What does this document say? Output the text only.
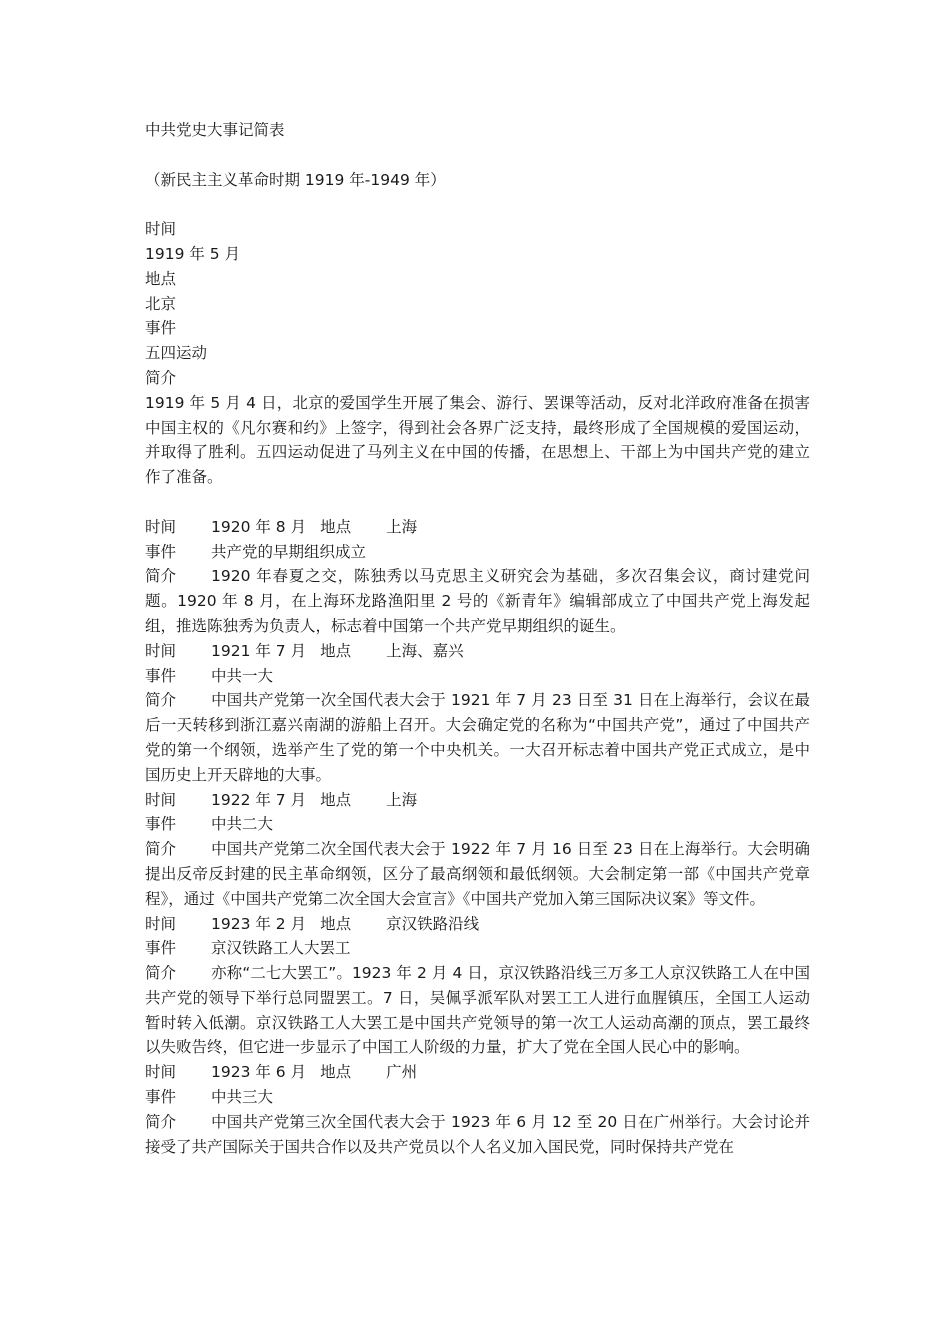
中共党史大事记简表
（新民主主义革命时期 1919 年-1949 年）
时间
1919 年 5 月
地点
北京
事件
五四运动
简介
1919 年 5 月 4 日，北京的爱国学生开展了集会、游行、罢课等活动，反对北洋政府准备在损害中国主权的《凡尔赛和约》上签字，得到社会各界广泛支持，最终形成了全国规模的爱国运动，并取得了胜利。五四运动促进了马列主义在中国的传播，在思想上、干部上为中国共产党的建立作了准备。
时间	1920 年 8 月 地点	上海
事件	共产党的早期组织成立
简介 1920 年春夏之交，陈独秀以马克思主义研究会为基础，多次召集会议，商讨建党问题。1920 年 8 月，在上海环龙路渔阳里 2 号的《新青年》编辑部成立了中国共产党上海发起组，推选陈独秀为负责人，标志着中国第一个共产党早期组织的诞生。
时间	1921 年 7 月 地点	上海、嘉兴
事件	中共一大
简介 中国共产党第一次全国代表大会于 1921 年 7 月 23 日至 31 日在上海举行，会议在最后一天转移到浙江嘉兴南湖的游船上召开。大会确定党的名称为“中国共产党”，通过了中国共产党的第一个纲领，选举产生了党的第一个中央机关。一大召开标志着中国共产党正式成立，是中国历史上开天辟地的大事。
时间	1922 年 7 月 地点	上海
事件	中共二大
简介 中国共产党第二次全国代表大会于 1922 年 7 月 16 日至 23 日在上海举行。大会明确提出反帝反封建的民主革命纲领，区分了最高纲领和最低纲领。大会制定第一部《中国共产党章程》，通过《中国共产党第二次全国大会宣言》《中国共产党加入第三国际决议案》等文件。
时间	1923 年 2 月 地点	京汉铁路沿线
事件	京汉铁路工人大罢工
简介 亦称“二七大罢工”。1923 年 2 月 4 日，京汉铁路沿线三万多工人京汉铁路工人在中国共产党的领导下举行总同盟罢工。7 日，吴佩孚派军队对罢工工人进行血腥镇压，全国工人运动暂时转入低潮。京汉铁路工人大罢工是中国共产党领导的第一次工人运动高潮的顶点，罢工最终以失败告终，但它进一步显示了中国工人阶级的力量，扩大了党在全国人民心中的影响。
时间	1923 年 6 月 地点	广州
事件	中共三大
简介 中国共产党第三次全国代表大会于 1923 年 6 月 12 至 20 日在广州举行。大会讨论并接受了共产国际关于国共合作以及共产党员以个人名义加入国民党，同时保持共产党在
